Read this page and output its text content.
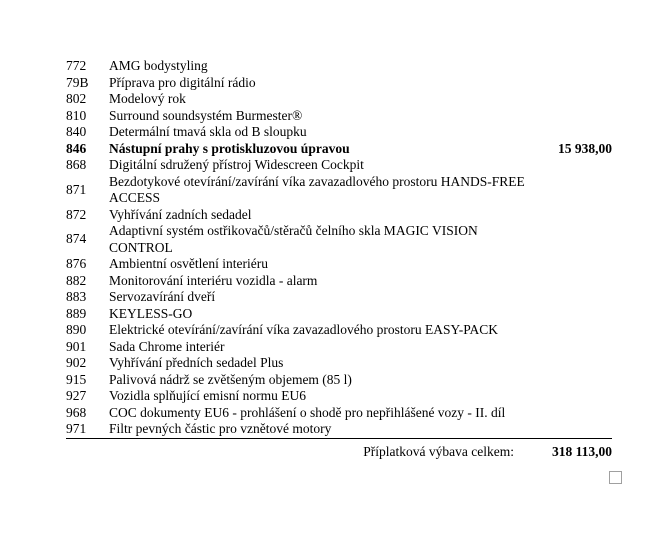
772	AMG bodystyling	
79B	Příprava pro digitální rádio	
802	Modelový rok	
810	Surround soundsystém Burmester®	
840	Determální tmavá skla od B sloupku	
846	Nástupní prahy s protiskluzovou úpravou	15 938,00
868	Digitální sdružený přístroj Widescreen Cockpit	
871	Bezdotykové otevírání/zavírání víka zavazadlového prostoru HANDS-FREE ACCESS	
872	Vyhřívání zadních sedadel	
874	Adaptivní systém ostřikovačů/stěračů čelního skla MAGIC VISION CONTROL	
876	Ambientní osvětlení interiéru	
882	Monitorování interiéru vozidla - alarm	
883	Servozavírání dveří	
889	KEYLESS-GO	
890	Elektrické otevírání/zavírání víka zavazadlového prostoru EASY-PACK	
901	Sada Chrome interiér	
902	Vyhřívání předních sedadel Plus	
915	Palivová nádrž se zvětšeným objemem (85 l)	
927	Vozidla splňující emisní normu EU6	
968	COC dokumenty EU6 - prohlášení o shodě pro nepřihlášené vozy - II. díl	
971	Filtr pevných částic pro vznětové motory	
Příplatková výbava celkem:		318 113,00
